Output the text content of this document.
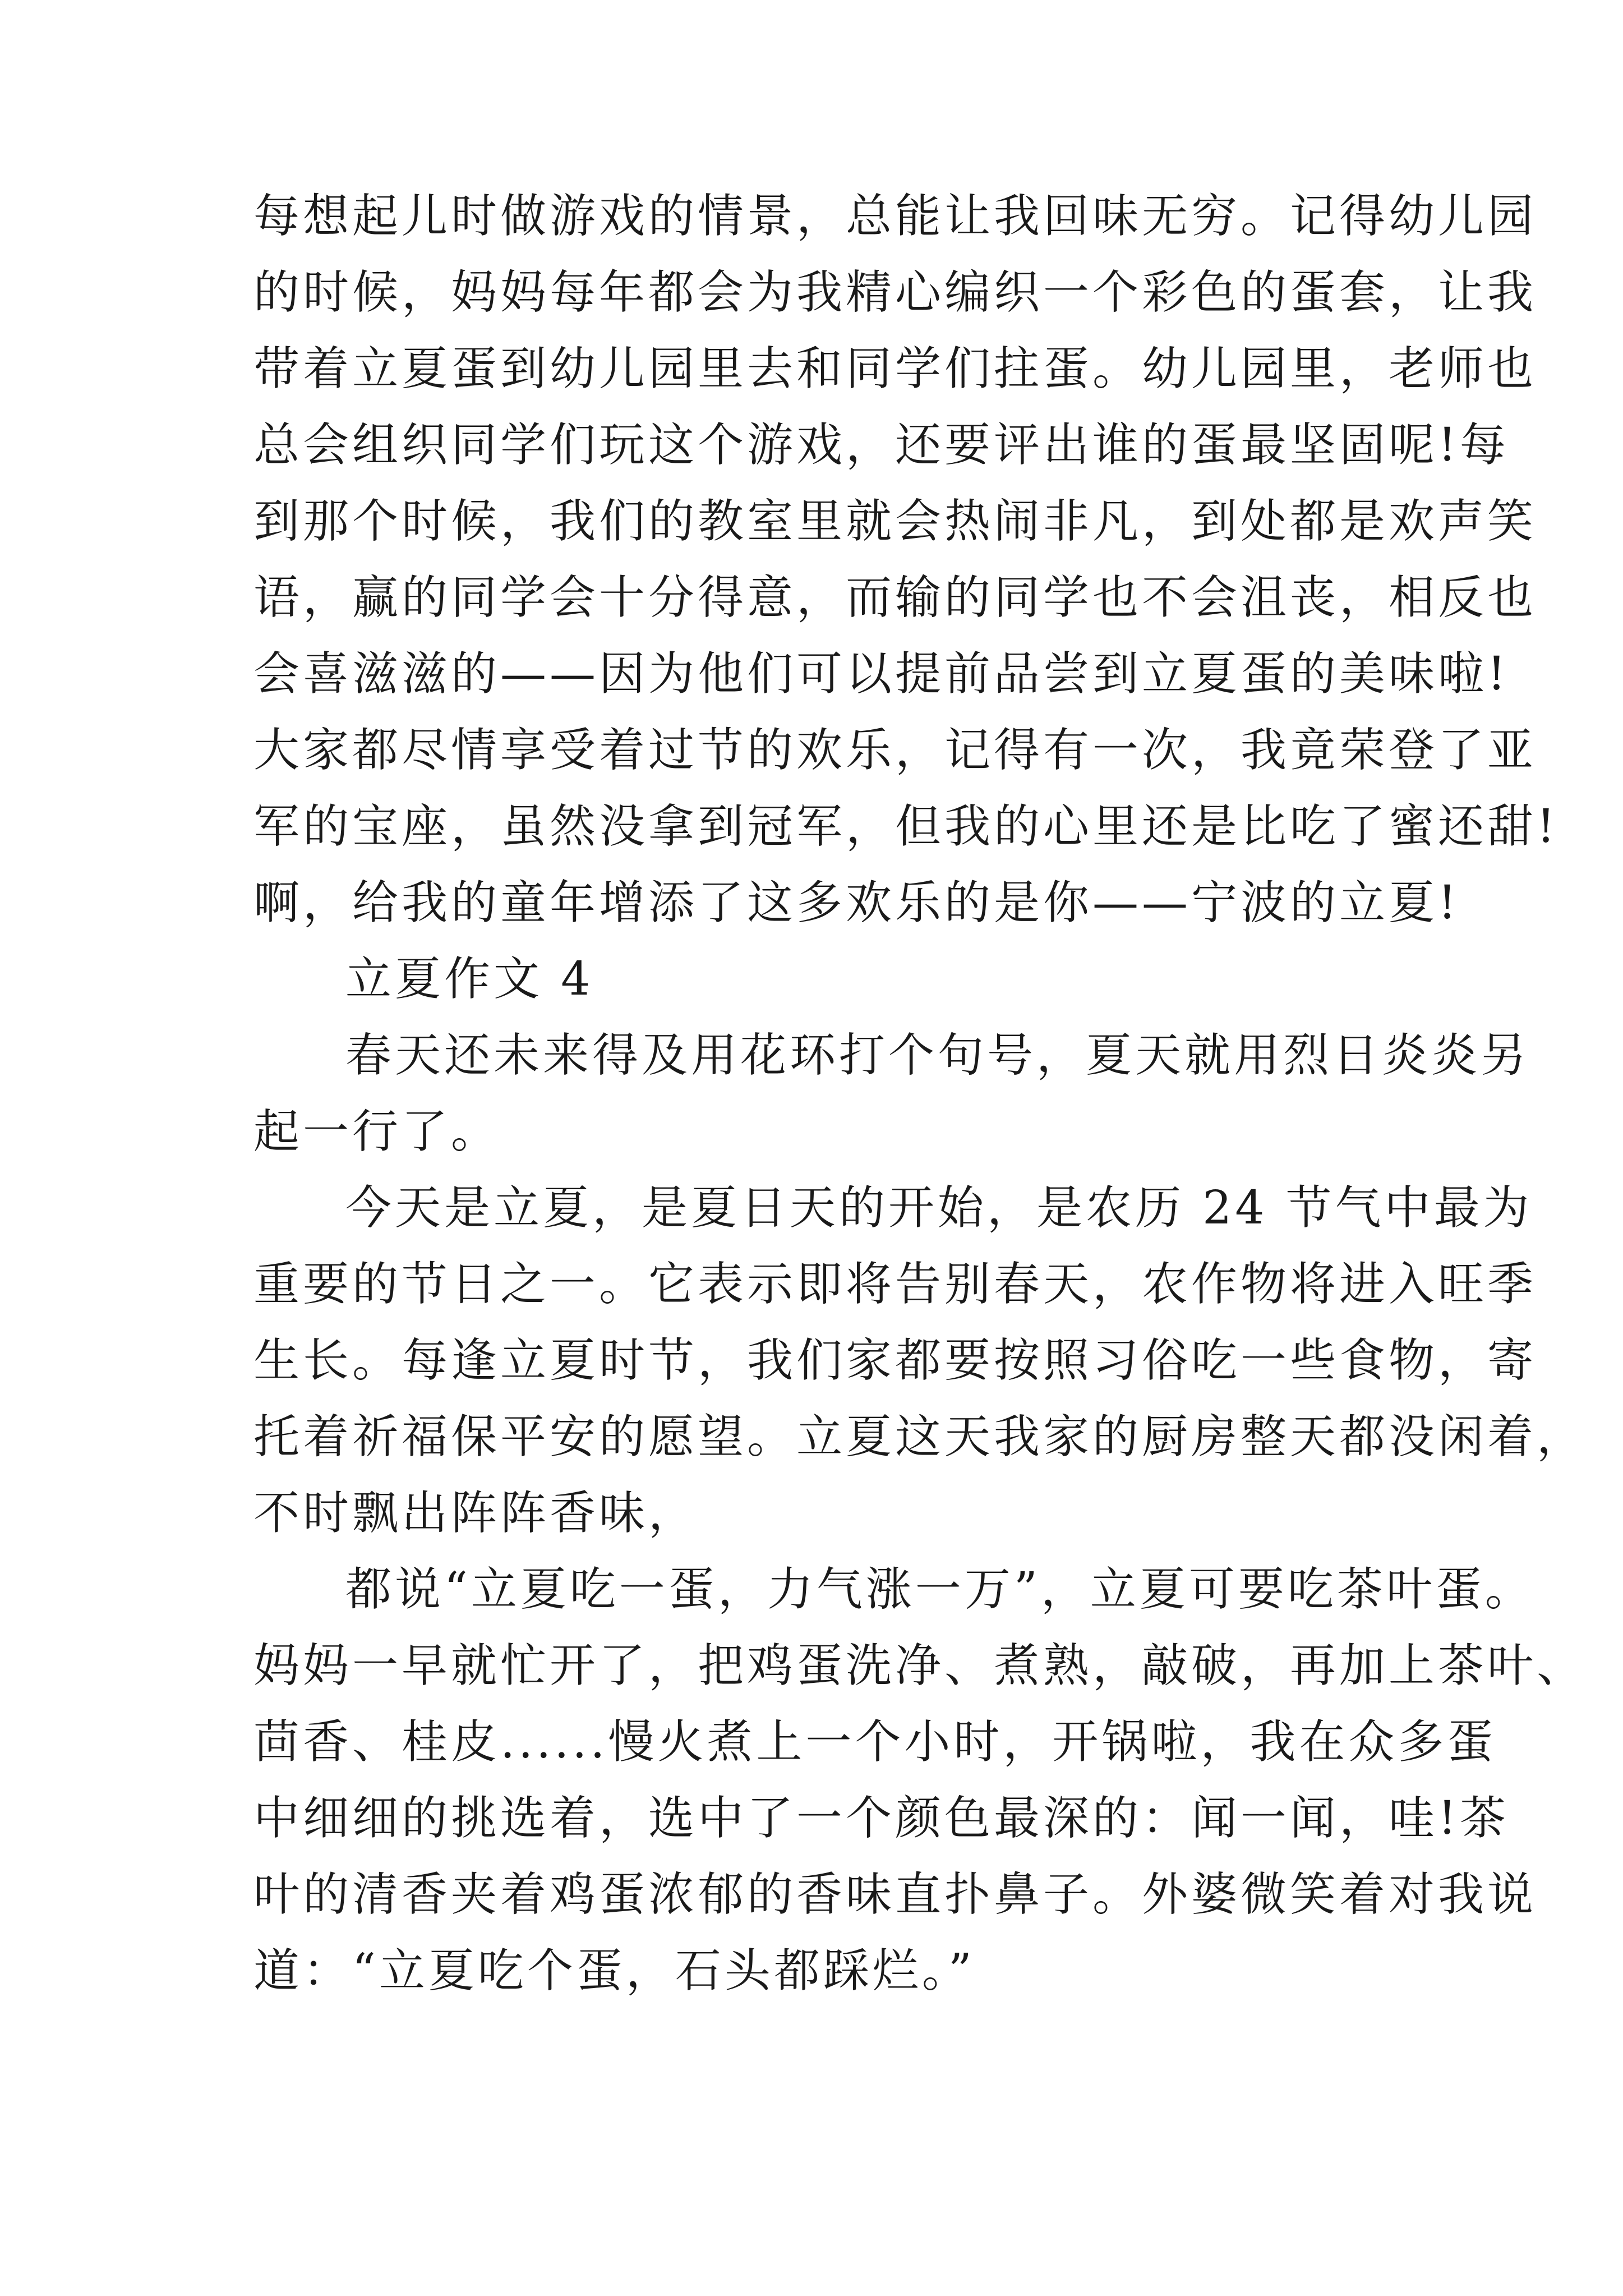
每想起儿时做游戏的情景，总能让我回味无穷。记得幼儿园
的时候，妈妈每年都会为我精心编织一个彩色的蛋套，让我
带着立夏蛋到幼儿园里去和同学们拄蛋。幼儿园里，老师也
总会组织同学们玩这个游戏，还要评出谁的蛋最坚固呢!每
到那个时候，我们的教室里就会热闹非凡，到处都是欢声笑
语，赢的同学会十分得意，而输的同学也不会沮丧，相反也
会喜滋滋的——因为他们可以提前品尝到立夏蛋的美味啦!
大家都尽情享受着过节的欢乐，记得有一次，我竟荣登了亚
军的宝座，虽然没拿到冠军，但我的心里还是比吃了蜜还甜!
啊，给我的童年增添了这多欢乐的是你——宁波的立夏!
立夏作文 4
春天还未来得及用花环打个句号，夏天就用烈日炎炎另
起一行了。
今天是立夏，是夏日天的开始，是农历 24 节气中最为
重要的节日之一。它表示即将告别春天，农作物将进入旺季
生长。每逢立夏时节，我们家都要按照习俗吃一些食物，寄
托着祈福保平安的愿望。立夏这天我家的厨房整天都没闲着，
不时飘出阵阵香味，
都说“立夏吃一蛋，力气涨一万”，立夏可要吃茶叶蛋。
妈妈一早就忙开了，把鸡蛋洗净、煮熟，敲破，再加上茶叶、
茴香、桂皮......慢火煮上一个小时，开锅啦，我在众多蛋
中细细的挑选着，选中了一个颜色最深的：闻一闻，哇!茶
叶的清香夹着鸡蛋浓郁的香味直扑鼻子。外婆微笑着对我说
道：“立夏吃个蛋，石头都踩烂。”
